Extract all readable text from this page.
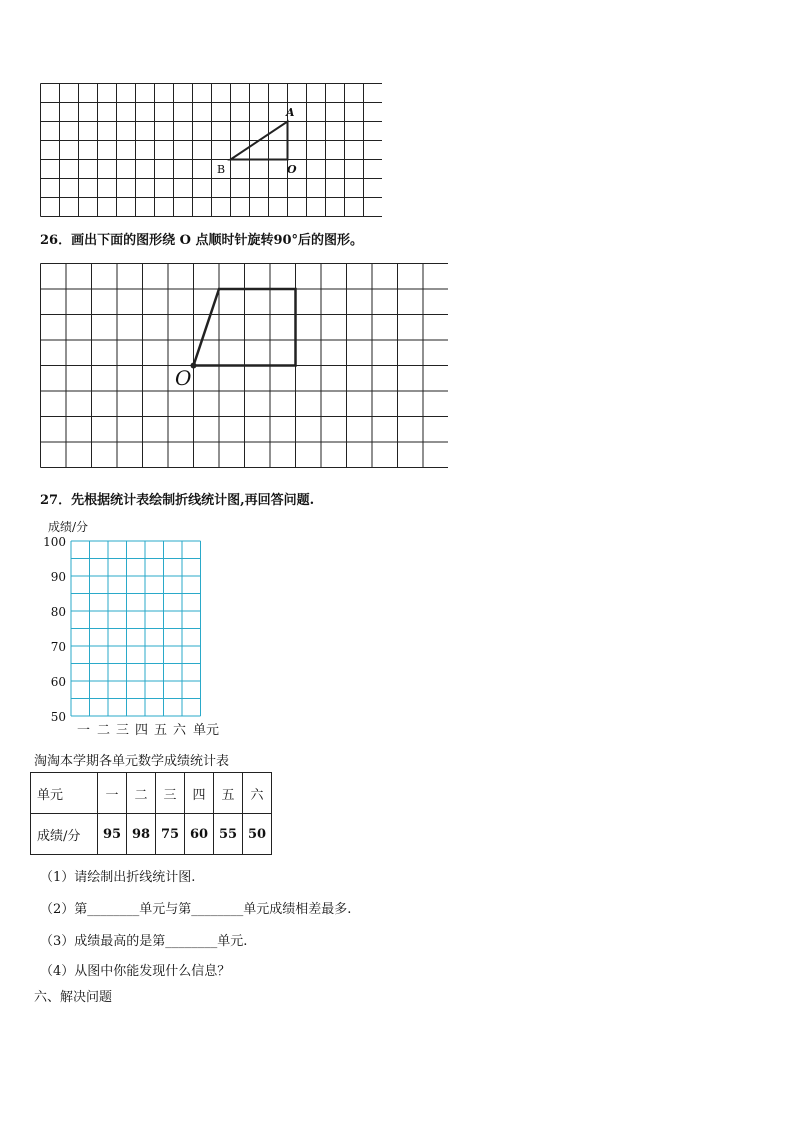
A
B	O
26．画出下面的图形绕 O 点顺时针旋转90°后的图形。
O
27．先根据统计表绘制折线统计图,再回答问题.
成绩/分
100
90
80
70
60
50
一 二 三 四 五 六 单元
淘淘本学期各单元数学成绩统计表
单元	一	二	三	四	五	六
成绩/分	95	98	75	60	55	50
（1）请绘制出折线统计图.
（2）第________单元与第________单元成绩相差最多.
（3）成绩最高的是第________单元.
（4）从图中你能发现什么信息？
六、解决问题
